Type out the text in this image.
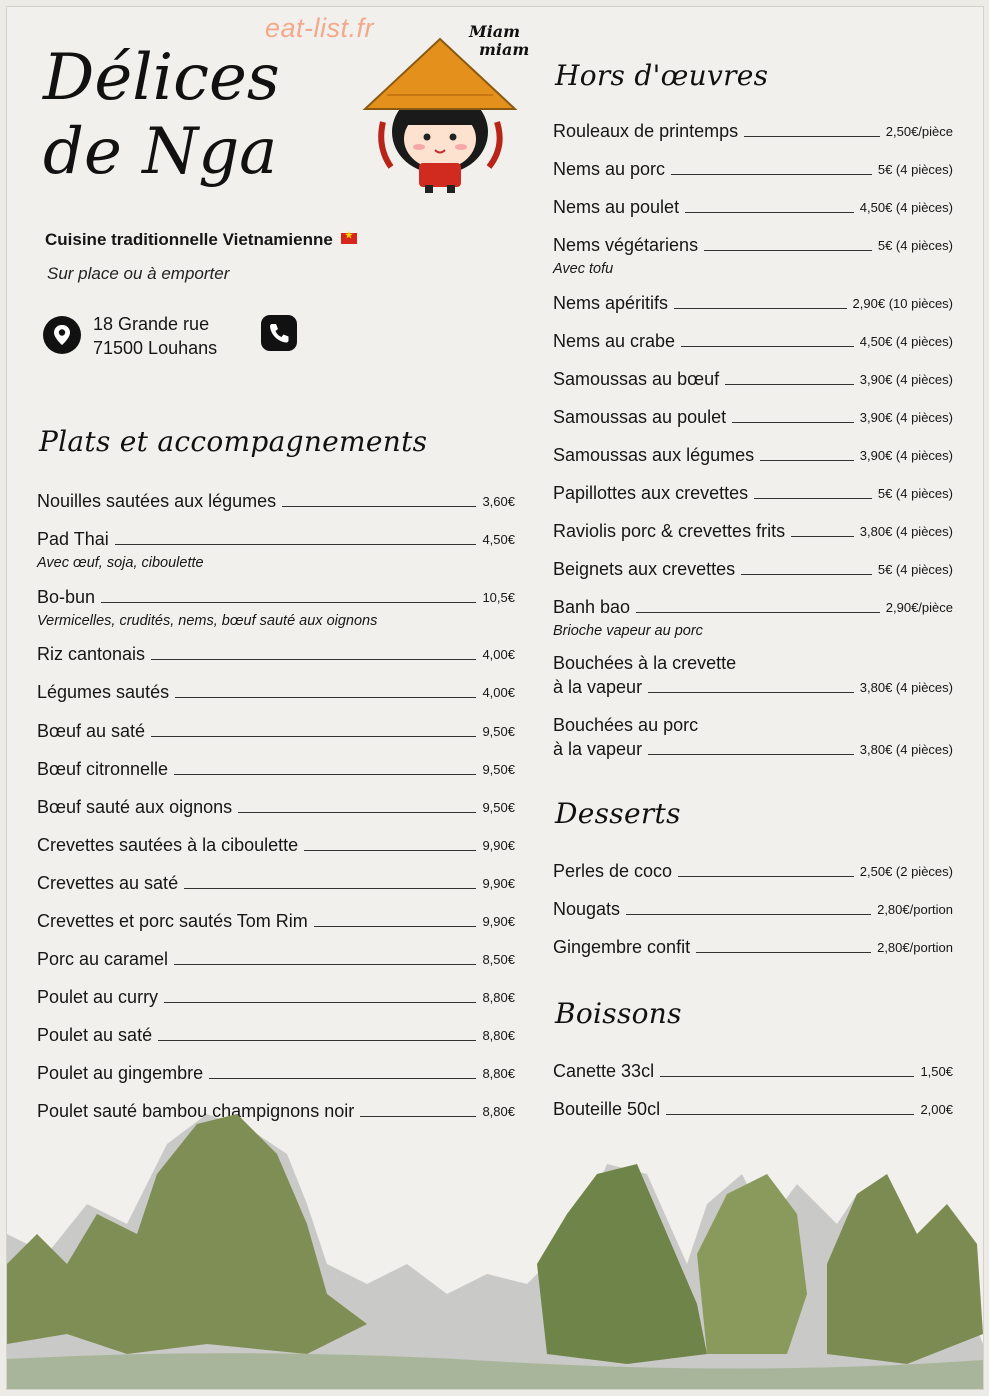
eat-list.fr
Délices
de Nga
Miam
miam
Cuisine traditionnelle Vietnamienne★
Sur place ou à emporter
18 Grande rue
71500 Louhans
Plats et accompagnements
Nouilles sautées aux légumes	3,60€
Pad Thai	4,50€
Avec œuf, soja, ciboulette
Bo-bun	10,5€
Vermicelles, crudités, nems, bœuf sauté aux oignons
Riz cantonais	4,00€
Légumes sautés	4,00€
Bœuf au saté	9,50€
Bœuf citronnelle	9,50€
Bœuf sauté aux oignons	9,50€
Crevettes sautées à la ciboulette	9,90€
Crevettes au saté	9,90€
Crevettes et porc sautés Tom Rim	9,90€
Porc au caramel	8,50€
Poulet au curry	8,80€
Poulet au saté	8,80€
Poulet au gingembre	8,80€
Poulet sauté bambou champignons noir	8,80€
Hors d'œuvres
Rouleaux de printemps	2,50€/pièce
Nems au porc	5€ (4 pièces)
Nems au poulet	4,50€ (4 pièces)
Nems végétariens	5€ (4 pièces)
Avec tofu
Nems apéritifs	2,90€ (10 pièces)
Nems au crabe	4,50€ (4 pièces)
Samoussas au bœuf	3,90€ (4 pièces)
Samoussas au poulet	3,90€ (4 pièces)
Samoussas aux légumes	3,90€ (4 pièces)
Papillottes aux crevettes	5€ (4 pièces)
Raviolis porc & crevettes frits	3,80€ (4 pièces)
Beignets aux crevettes	5€ (4 pièces)
Banh bao	2,90€/pièce
Brioche vapeur au porc
Bouchées à la crevette
à la vapeur	3,80€ (4 pièces)
Bouchées au porc
à la vapeur	3,80€ (4 pièces)
Desserts
Perles de coco	2,50€ (2 pièces)
Nougats	2,80€/portion
Gingembre confit	2,80€/portion
Boissons
Canette 33cl	1,50€
Bouteille 50cl	2,00€
